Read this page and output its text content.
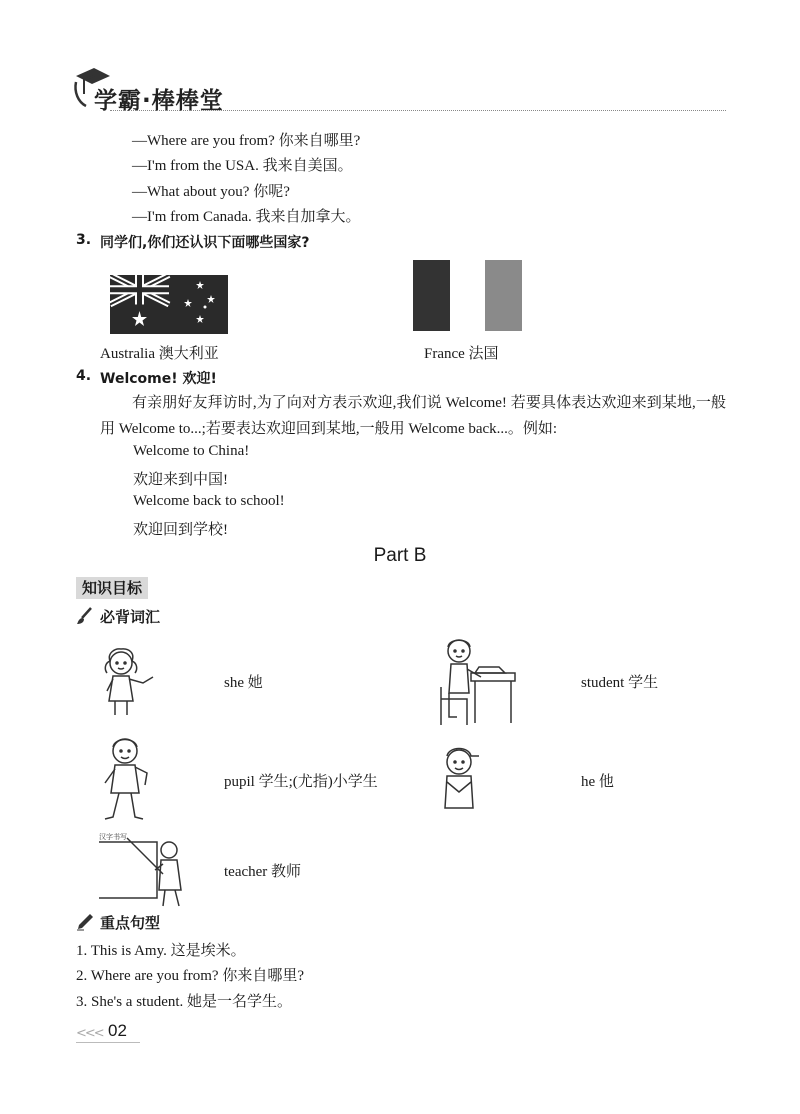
学霸·棒棒堂
—Where are you from? 你来自哪里?
—I'm from the USA. 我来自美国。
—What about you? 你呢?
—I'm from Canada. 我来自加拿大。
3. 同学们,你们还认识下面哪些国家?
Australia 澳大利亚	France 法国
4. Welcome! 欢迎!
有亲朋好友拜访时,为了向对方表示欢迎,我们说 Welcome! 若要具体表达欢迎来到某地,一般用 Welcome to...;若要表达欢迎回到某地,一般用 Welcome back...。例如:
Welcome to China!
欢迎来到中国!
Welcome back to school!
欢迎回到学校!
Part B
知识目标
必背词汇
she 她	student 学生
pupil 学生;(尤指)小学生	he 他
汉字书写
teacher 教师
重点句型
1. This is Amy. 这是埃米。
2. Where are you from? 你来自哪里?
3. She's a student. 她是一名学生。
<<< 02
